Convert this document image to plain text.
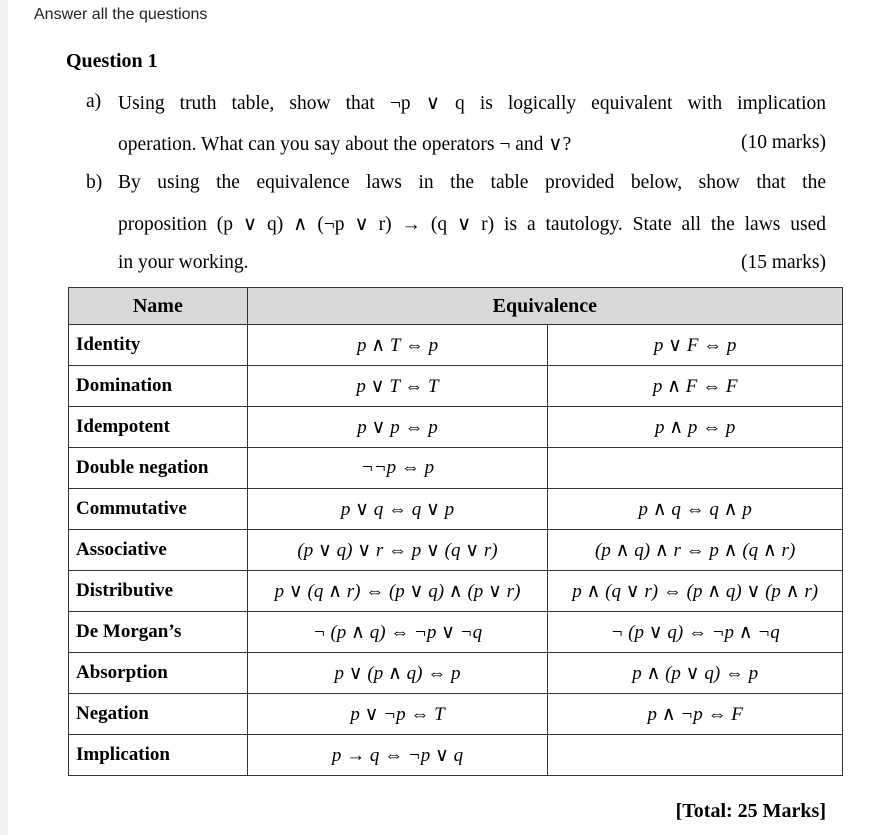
Answer all the questions
Question 1
a) Using truth table, show that ¬p ∨ q is logically equivalent with implication
operation. What can you say about the operators ¬ and ∨?	(10 marks)
b) By using the equivalence laws in the table provided below, show that the
proposition (p ∨ q) ∧ (¬p ∨ r) → (q ∨ r) is a tautology. State all the laws used
in your working.	(15 marks)
Name	Equivalence	
Identity	p ∧ T ⇔ p	p ∨ F ⇔ p
Domination	p ∨ T ⇔ T	p ∧ F ⇔ F
Idempotent	p ∨ p ⇔ p	p ∧ p ⇔ p
Double negation	¬¬p ⇔ p	
Commutative	p ∨ q ⇔ q ∨ p	p ∧ q ⇔ q ∧ p
Associative	(p ∨ q) ∨ r ⇔ p ∨ (q ∨ r)	(p ∧ q) ∧ r ⇔ p ∧ (q ∧ r)
Distributive	p ∨ (q ∧ r) ⇔ (p ∨ q) ∧ (p ∨ r)	p ∧ (q ∨ r) ⇔ (p ∧ q) ∨ (p ∧ r)
De Morgan’s	¬ (p ∧ q) ⇔ ¬p ∨ ¬q	¬ (p ∨ q) ⇔ ¬p ∧ ¬q
Absorption	p ∨ (p ∧ q) ⇔ p	p ∧ (p ∨ q) ⇔ p
Negation	p ∨ ¬p ⇔ T	p ∧ ¬p ⇔ F
Implication	p → q ⇔ ¬p ∨ q	
[Total: 25 Marks]
